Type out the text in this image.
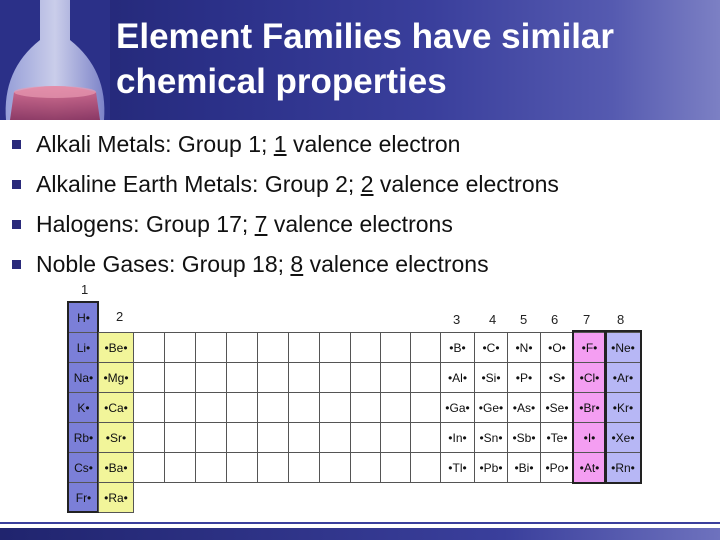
Element Families have similar
chemical properties
Alkali Metals: Group 1; 1 valence electron
Alkaline Earth Metals: Group 2; 2 valence electrons
Halogens: Group 17; 7 valence electrons
Noble Gases: Group 18; 8 valence electrons
1
2	3 4 5 6 7 8
H•
Li•
Na•
K•
Rb•
Cs•
Fr•
•Be•
•Mg•
•Ca•
•Sr•
•Ba•
•Ra•
•B•
•Al•
•Ga•
•In•
•Tl•
•C•
•Si•
•Ge•
•Sn•
•Pb•
•N•
•P•
•As•
•Sb•
•Bi•
•O•
•S•
•Se•
•Te•
•Po•
•F•
•Cl•
•Br•
•I•
•At•
•Ne•
•Ar•
•Kr•
•Xe•
•Rn•
